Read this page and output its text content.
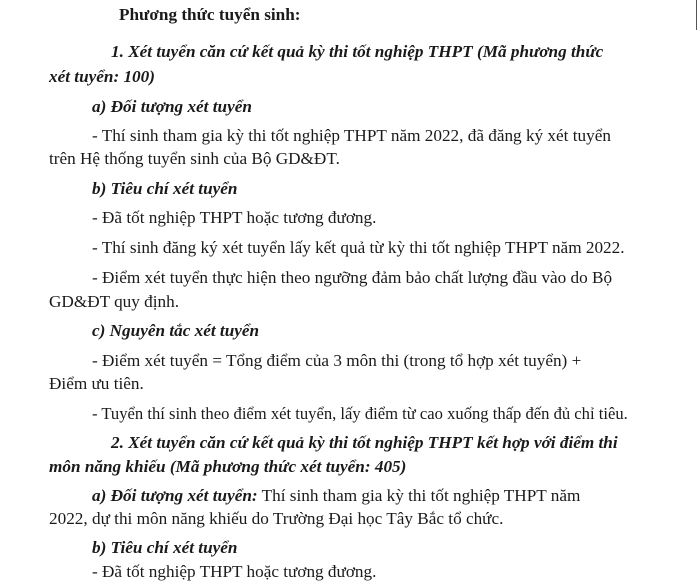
Phương thức tuyển sinh:
1. Xét tuyển căn cứ kết quả kỳ thi tốt nghiệp THPT (Mã phương thức
xét tuyển: 100)
a) Đối tượng xét tuyển
- Thí sinh tham gia kỳ thi tốt nghiệp THPT năm 2022, đã đăng ký xét tuyển
trên Hệ thống tuyển sinh của Bộ GD&ĐT.
b) Tiêu chí xét tuyển
- Đã tốt nghiệp THPT hoặc tương đương.
- Thí sinh đăng ký xét tuyển lấy kết quả từ kỳ thi tốt nghiệp THPT năm 2022.
- Điểm xét tuyển thực hiện theo ngưỡng đảm bảo chất lượng đầu vào do Bộ
GD&ĐT quy định.
c) Nguyên tắc xét tuyển
- Điểm xét tuyển = Tổng điểm của 3 môn thi (trong tổ hợp xét tuyển) +
Điểm ưu tiên.
- Tuyển thí sinh theo điểm xét tuyển, lấy điểm từ cao xuống thấp đến đủ chỉ tiêu.
2. Xét tuyển căn cứ kết quả kỳ thi tốt nghiệp THPT kết hợp với điểm thi
môn năng khiếu (Mã phương thức xét tuyển: 405)
a) Đối tượng xét tuyển: Thí sinh tham gia kỳ thi tốt nghiệp THPT năm
2022, dự thi môn năng khiếu do Trường Đại học Tây Bắc tổ chức.
b) Tiêu chí xét tuyển
- Đã tốt nghiệp THPT hoặc tương đương.
